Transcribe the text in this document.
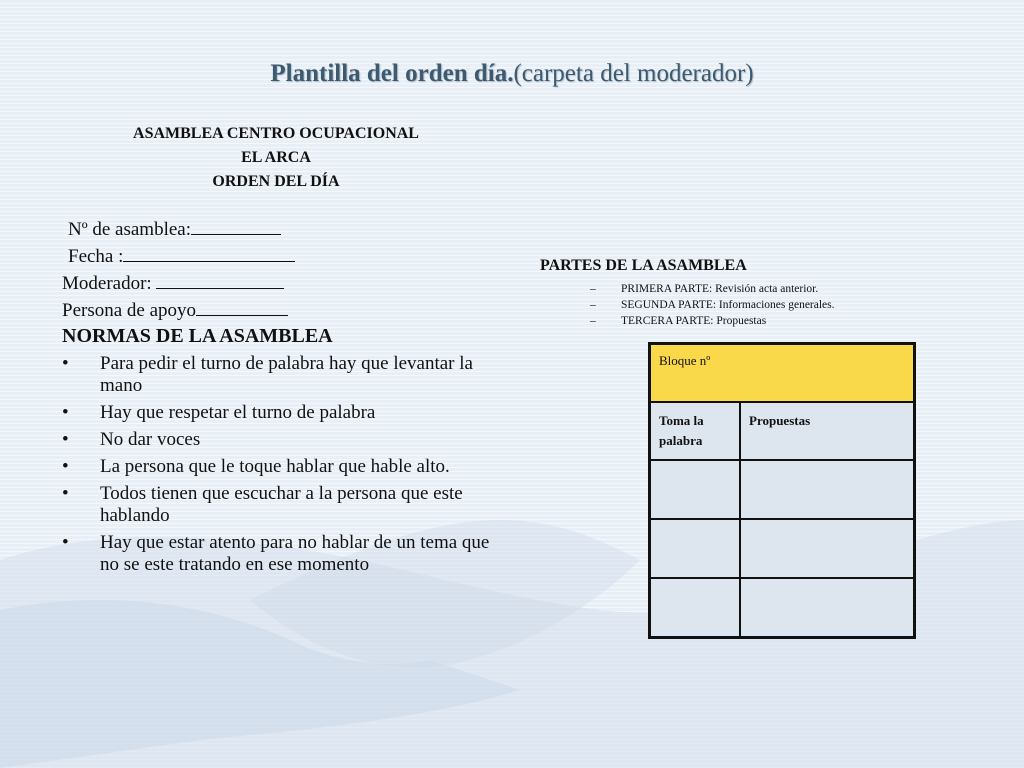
Plantilla del orden día.(carpeta del moderador)
ASAMBLEA CENTRO OCUPACIONAL
EL ARCA
ORDEN DEL DÍA
Nº de asamblea:
Fecha :
Moderador:
Persona de apoyo
NORMAS DE LA ASAMBLEA
• Para pedir el turno de palabra hay que levantar la mano
• Hay que respetar el turno de palabra
• No dar voces
• La persona que le toque hablar que hable alto.
• Todos tienen que escuchar a la persona que este hablando
• Hay que estar atento para no hablar de un tema que no se este tratando en ese momento
PARTES DE LA ASAMBLEA
– PRIMERA PARTE: Revisión acta anterior.
– SEGUNDA PARTE: Informaciones generales.
– TERCERA PARTE: Propuestas
Bloque nº	
Toma la palabra	Propuestas
